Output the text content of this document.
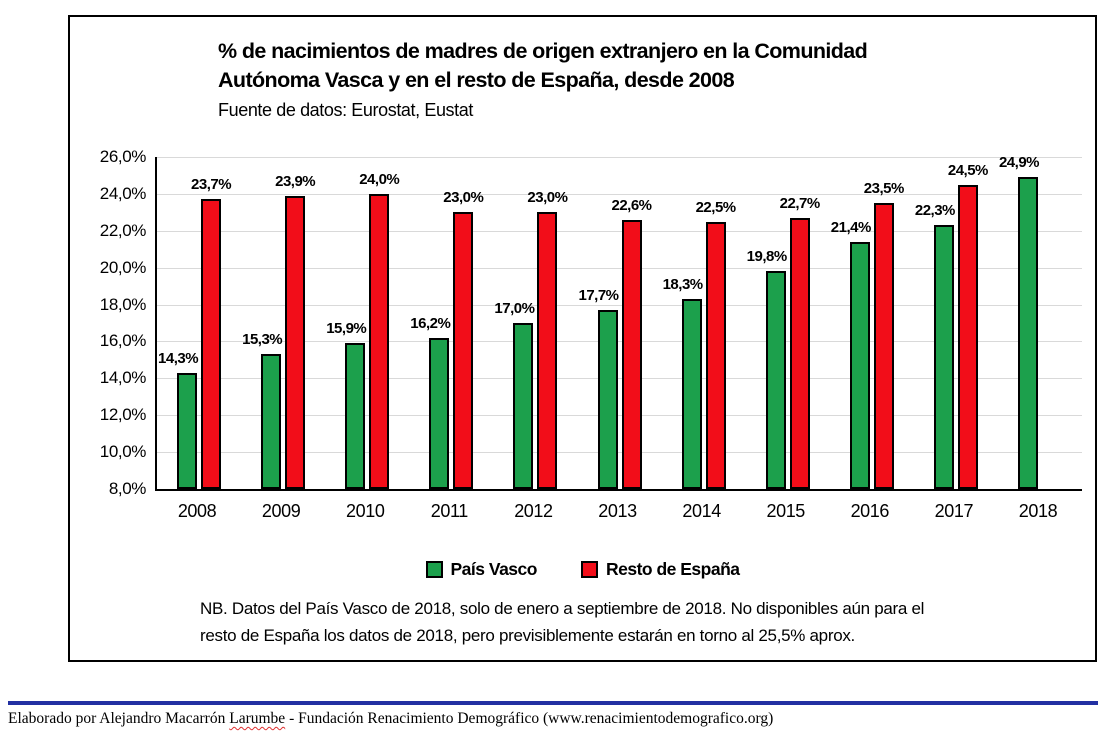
% de nacimientos de madres de origen extranjero en la Comunidad
Autónoma Vasca y en el resto de España, desde 2008
Fuente de datos: Eurostat, Eustat
26,0%
24,0%
22,0%
20,0%
18,0%
16,0%
14,0%
12,0%
10,0%
8,0%
14,3%
23,7%
15,3%
23,9%
15,9%
24,0%
16,2%
23,0%
17,0%
23,0%
17,7%
22,6%
18,3%
22,5%
19,8%
22,7%
21,4%
23,5%
22,3%
24,5% 24,9%
2008	2009	2010	2011	2012	2013	2014	2015	2016	2017	2018
País Vasco	Resto de España
NB. Datos del País Vasco de 2018, solo de enero a septiembre de 2018. No disponibles aún para el
resto de España los datos de 2018, pero previsiblemente estarán en torno al 25,5% aprox.
Elaborado por Alejandro Macarrón Larumbe - Fundación Renacimiento Demográfico (www.renacimientodemografico.org)
